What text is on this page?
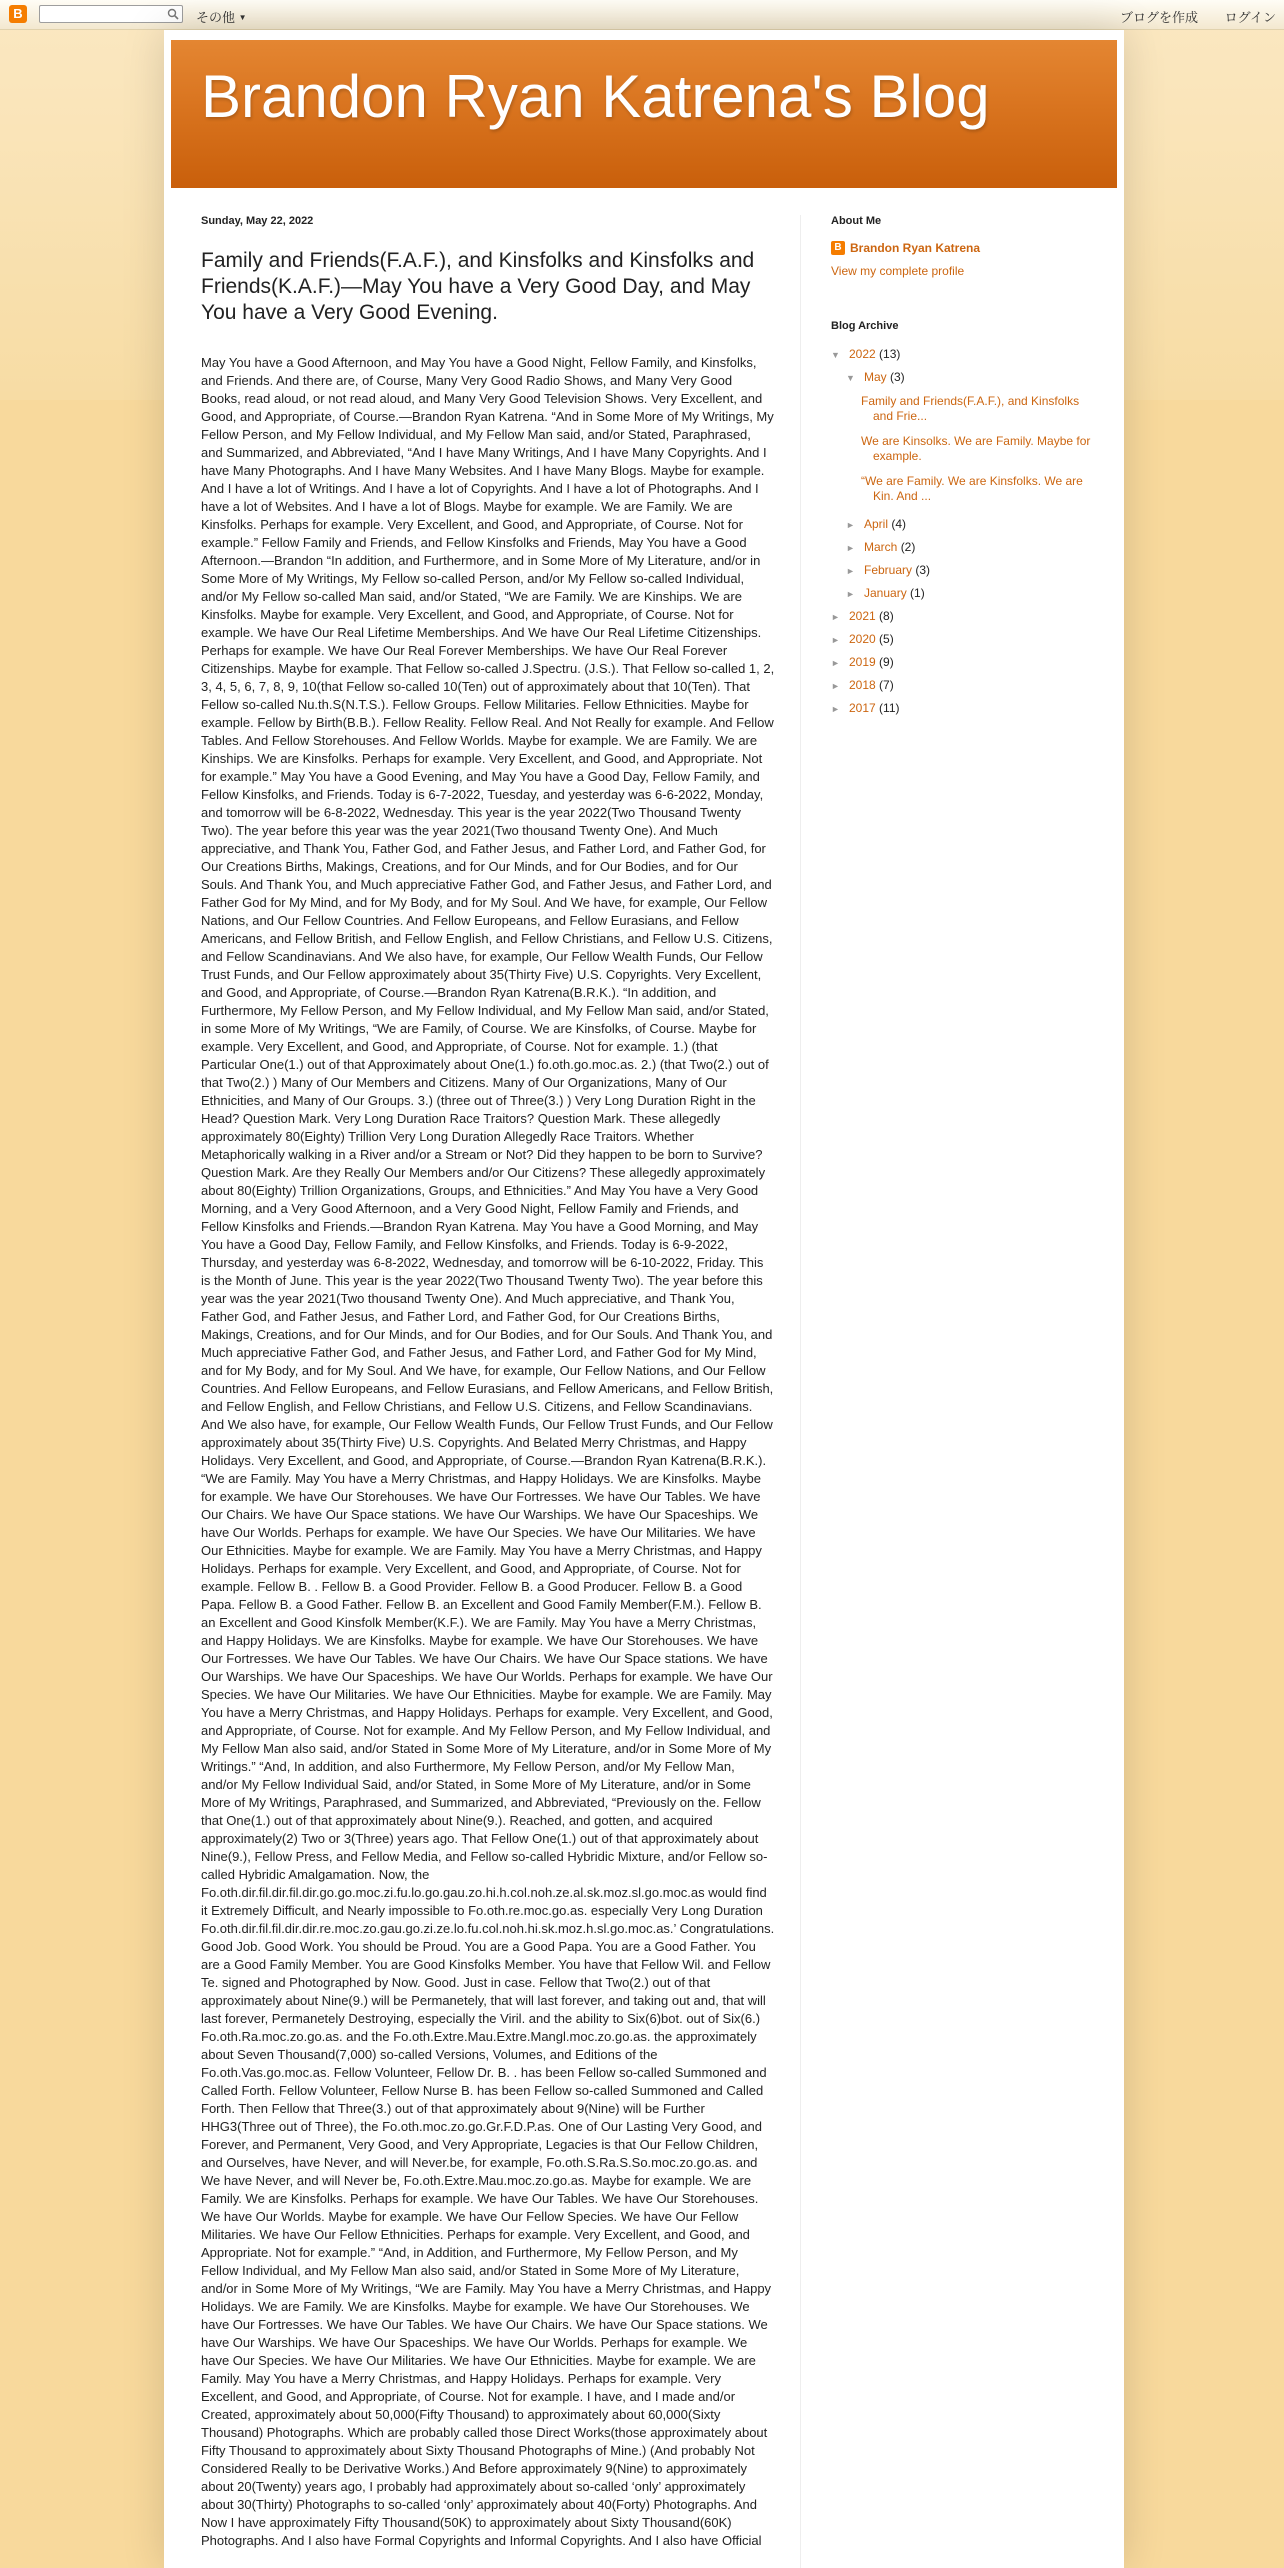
B	その他 ▼	ブログを作成 ログイン
Brandon Ryan Katrena's Blog
Sunday, May 22, 2022
Family and Friends(F.A.F.), and Kinsfolks and Kinsfolks and Friends(K.A.F.)—May You have a Very Good Day, and May You have a Very Good Evening.

May You have a Good Afternoon, and May You have a Good Night, Fellow Family, and Kinsfolks, and Friends. And there are, of Course, Many Very Good Radio Shows, and Many Very Good Books, read aloud, or not read aloud, and Many Very Good Television Shows. Very Excellent, and Good, and Appropriate, of Course.—Brandon Ryan Katrena. “And in Some More of My Writings, My Fellow Person, and My Fellow Individual, and My Fellow Man said, and/or Stated, Paraphrased, and Summarized, and Abbreviated, “And I have Many Writings, And I have Many Copyrights. And I have Many Photographs. And I have Many Websites. And I have Many Blogs. Maybe for example. And I have a lot of Writings. And I have a lot of Copyrights. And I have a lot of Photographs. And I have a lot of Websites. And I have a lot of Blogs. Maybe for example. We are Family. We are Kinsfolks. Perhaps for example. Very Excellent, and Good, and Appropriate, of Course. Not for example.” Fellow Family and Friends, and Fellow Kinsfolks and Friends, May You have a Good Afternoon.—Brandon “In addition, and Furthermore, and in Some More of My Literature, and/or in Some More of My Writings, My Fellow so-called Person, and/or My Fellow so-called Individual, and/or My Fellow so-called Man said, and/or Stated, “We are Family. We are Kinships. We are Kinsfolks. Maybe for example. Very Excellent, and Good, and Appropriate, of Course. Not for example. We have Our Real Lifetime Memberships. And We have Our Real Lifetime Citizenships. Perhaps for example. We have Our Real Forever Memberships. We have Our Real Forever Citizenships. Maybe for example. That Fellow so-called J.Spectru. (J.S.). That Fellow so-called 1, 2, 3, 4, 5, 6, 7, 8, 9, 10(that Fellow so-called 10(Ten) out of approximately about that 10(Ten). That Fellow so-called Nu.th.S(N.T.S.). Fellow Groups. Fellow Militaries. Fellow Ethnicities. Maybe for example. Fellow by Birth(B.B.). Fellow Reality. Fellow Real. And Not Really for example. And Fellow Tables. And Fellow Storehouses. And Fellow Worlds. Maybe for example. We are Family. We are Kinships. We are Kinsfolks. Perhaps for example. Very Excellent, and Good, and Appropriate. Not for example.” May You have a Good Evening, and May You have a Good Day, Fellow Family, and Fellow Kinsfolks, and Friends. Today is 6-7-2022, Tuesday, and yesterday was 6-6-2022, Monday, and tomorrow will be 6-8-2022, Wednesday. This year is the year 2022(Two Thousand Twenty Two). The year before this year was the year 2021(Two thousand Twenty One). And Much appreciative, and Thank You, Father God, and Father Jesus, and Father Lord, and Father God, for Our Creations Births, Makings, Creations, and for Our Minds, and for Our Bodies, and for Our Souls. And Thank You, and Much appreciative Father God, and Father Jesus, and Father Lord, and Father God for My Mind, and for My Body, and for My Soul. And We have, for example, Our Fellow Nations, and Our Fellow Countries. And Fellow Europeans, and Fellow Eurasians, and Fellow Americans, and Fellow British, and Fellow English, and Fellow Christians, and Fellow U.S. Citizens, and Fellow Scandinavians. And We also have, for example, Our Fellow Wealth Funds, Our Fellow Trust Funds, and Our Fellow approximately about 35(Thirty Five) U.S. Copyrights. Very Excellent, and Good, and Appropriate, of Course.—Brandon Ryan Katrena(B.R.K.). “In addition, and Furthermore, My Fellow Person, and My Fellow Individual, and My Fellow Man said, and/or Stated, in some More of My Writings, “We are Family, of Course. We are Kinsfolks, of Course. Maybe for example. Very Excellent, and Good, and Appropriate, of Course. Not for example. 1.) (that Particular One(1.) out of that Approximately about One(1.) fo.oth.go.moc.as. 2.) (that Two(2.) out of that Two(2.) ) Many of Our Members and Citizens. Many of Our Organizations, Many of Our Ethnicities, and Many of Our Groups. 3.) (three out of Three(3.) ) Very Long Duration Right in the Head? Question Mark. Very Long Duration Race Traitors? Question Mark. These allegedly approximately 80(Eighty) Trillion Very Long Duration Allegedly Race Traitors. Whether Metaphorically walking in a River and/or a Stream or Not? Did they happen to be born to Survive? Question Mark. Are they Really Our Members and/or Our Citizens? These allegedly approximately about 80(Eighty) Trillion Organizations, Groups, and Ethnicities.” And May You have a Very Good Morning, and a Very Good Afternoon, and a Very Good Night, Fellow Family and Friends, and Fellow Kinsfolks and Friends.—Brandon Ryan Katrena. May You have a Good Morning, and May You have a Good Day, Fellow Family, and Fellow Kinsfolks, and Friends. Today is 6-9-2022, Thursday, and yesterday was 6-8-2022, Wednesday, and tomorrow will be 6-10-2022, Friday. This is the Month of June. This year is the year 2022(Two Thousand Twenty Two). The year before this year was the year 2021(Two thousand Twenty One). And Much appreciative, and Thank You, Father God, and Father Jesus, and Father Lord, and Father God, for Our Creations Births, Makings, Creations, and for Our Minds, and for Our Bodies, and for Our Souls. And Thank You, and Much appreciative Father God, and Father Jesus, and Father Lord, and Father God for My Mind, and for My Body, and for My Soul. And We have, for example, Our Fellow Nations, and Our Fellow Countries. And Fellow Europeans, and Fellow Eurasians, and Fellow Americans, and Fellow British, and Fellow English, and Fellow Christians, and Fellow U.S. Citizens, and Fellow Scandinavians. And We also have, for example, Our Fellow Wealth Funds, Our Fellow Trust Funds, and Our Fellow approximately about 35(Thirty Five) U.S. Copyrights. And Belated Merry Christmas, and Happy Holidays. Very Excellent, and Good, and Appropriate, of Course.—Brandon Ryan Katrena(B.R.K.). “We are Family. May You have a Merry Christmas, and Happy Holidays. We are Kinsfolks. Maybe for example. We have Our Storehouses. We have Our Fortresses. We have Our Tables. We have Our Chairs. We have Our Space stations. We have Our Warships. We have Our Spaceships. We have Our Worlds. Perhaps for example. We have Our Species. We have Our Militaries. We have Our Ethnicities. Maybe for example. We are Family. May You have a Merry Christmas, and Happy Holidays. Perhaps for example. Very Excellent, and Good, and Appropriate, of Course. Not for example. Fellow B. . Fellow B. a Good Provider. Fellow B. a Good Producer. Fellow B. a Good Papa. Fellow B. a Good Father. Fellow B. an Excellent and Good Family Member(F.M.). Fellow B. an Excellent and Good Kinsfolk Member(K.F.). We are Family. May You have a Merry Christmas, and Happy Holidays. We are Kinsfolks. Maybe for example. We have Our Storehouses. We have Our Fortresses. We have Our Tables. We have Our Chairs. We have Our Space stations. We have Our Warships. We have Our Spaceships. We have Our Worlds. Perhaps for example. We have Our Species. We have Our Militaries. We have Our Ethnicities. Maybe for example. We are Family. May You have a Merry Christmas, and Happy Holidays. Perhaps for example. Very Excellent, and Good, and Appropriate, of Course. Not for example. And My Fellow Person, and My Fellow Individual, and My Fellow Man also said, and/or Stated in Some More of My Literature, and/or in Some More of My Writings.” “And, In addition, and also Furthermore, My Fellow Person, and/or My Fellow Man, and/or My Fellow Individual Said, and/or Stated, in Some More of My Literature, and/or in Some More of My Writings, Paraphrased, and Summarized, and Abbreviated, “Previously on the. Fellow that One(1.) out of that approximately about Nine(9.). Reached, and gotten, and acquired approximately(2) Two or 3(Three) years ago. That Fellow One(1.) out of that approximately about Nine(9.), Fellow Press, and Fellow Media, and Fellow so-called Hybridic Mixture, and/or Fellow so-called Hybridic Amalgamation. Now, the Fo.oth.dir.fil.dir.fil.dir.go.go.moc.zi.fu.lo.go.gau.zo.hi.h.col.noh.ze.al.sk.moz.sl.go.moc.as would find it Extremely Difficult, and Nearly impossible to Fo.oth.re.moc.go.as. especially Very Long Duration Fo.oth.dir.fil.fil.dir.dir.re.moc.zo.gau.go.zi.ze.lo.fu.col.noh.hi.sk.moz.h.sl.go.moc.as.’ Congratulations. Good Job. Good Work. You should be Proud. You are a Good Papa. You are a Good Father. You are a Good Family Member. You are Good Kinsfolks Member. You have that Fellow Wil. and Fellow Te. signed and Photographed by Now. Good. Just in case. Fellow that Two(2.) out of that approximately about Nine(9.) will be Permanetely, that will last forever, and taking out and, that will last forever, Permanetely Destroying, especially the Viril. and the ability to Six(6)bot. out of Six(6.) Fo.oth.Ra.moc.zo.go.as. and the Fo.oth.Extre.Mau.Extre.Mangl.moc.zo.go.as. the approximately about Seven Thousand(7,000) so-called Versions, Volumes, and Editions of the Fo.oth.Vas.go.moc.as. Fellow Volunteer, Fellow Dr. B. . has been Fellow so-called Summoned and Called Forth. Fellow Volunteer, Fellow Nurse B. has been Fellow so-called Summoned and Called Forth. Then Fellow that Three(3.) out of that approximately about 9(Nine) will be Further HHG3(Three out of Three), the Fo.oth.moc.zo.go.Gr.F.D.P.as. One of Our Lasting Very Good, and Forever, and Permanent, Very Good, and Very Appropriate, Legacies is that Our Fellow Children, and Ourselves, have Never, and will Never.be, for example, Fo.oth.S.Ra.S.So.moc.zo.go.as. and We have Never, and will Never be, Fo.oth.Extre.Mau.moc.zo.go.as. Maybe for example. We are Family. We are Kinsfolks. Perhaps for example. We have Our Tables. We have Our Storehouses. We have Our Worlds. Maybe for example. We have Our Fellow Species. We have Our Fellow Militaries. We have Our Fellow Ethnicities. Perhaps for example. Very Excellent, and Good, and Appropriate. Not for example.” “And, in Addition, and Furthermore, My Fellow Person, and My Fellow Individual, and My Fellow Man also said, and/or Stated in Some More of My Literature, and/or in Some More of My Writings, “We are Family. May You have a Merry Christmas, and Happy Holidays. We are Family. We are Kinsfolks. Maybe for example. We have Our Storehouses. We have Our Fortresses. We have Our Tables. We have Our Chairs. We have Our Space stations. We have Our Warships. We have Our Spaceships. We have Our Worlds. Perhaps for example. We have Our Species. We have Our Militaries. We have Our Ethnicities. Maybe for example. We are Family. May You have a Merry Christmas, and Happy Holidays. Perhaps for example. Very Excellent, and Good, and Appropriate, of Course. Not for example. I have, and I made and/or Created, approximately about 50,000(Fifty Thousand) to approximately about 60,000(Sixty Thousand) Photographs. Which are probably called those Direct Works(those approximately about Fifty Thousand to approximately about Sixty Thousand Photographs of Mine.) (And probably Not Considered Really to be Derivative Works.) And Before approximately 9(Nine) to approximately about 20(Twenty) years ago, I probably had approximately about so-called ‘only’ approximately about 30(Thirty) Photographs to so-called ‘only’ approximately about 40(Forty) Photographs. And Now I have approximately Fifty Thousand(50K) to approximately about Sixty Thousand(60K) Photographs. And I also have Formal Copyrights and Informal Copyrights. And I also have Official

About Me
B Brandon Ryan Katrena
View my complete profile
Blog Archive
▼ 2022 (13)
▼ May (3)
Family and Friends(F.A.F.), and Kinsfolks and Frie...
We are Kinsolks. We are Family. Maybe for example.
“We are Family. We are Kinsfolks. We are Kin. And ...
► April (4)
► March (2)
► February (3)
► January (1)
► 2021 (8)
► 2020 (5)
► 2019 (9)
► 2018 (7)
► 2017 (11)
